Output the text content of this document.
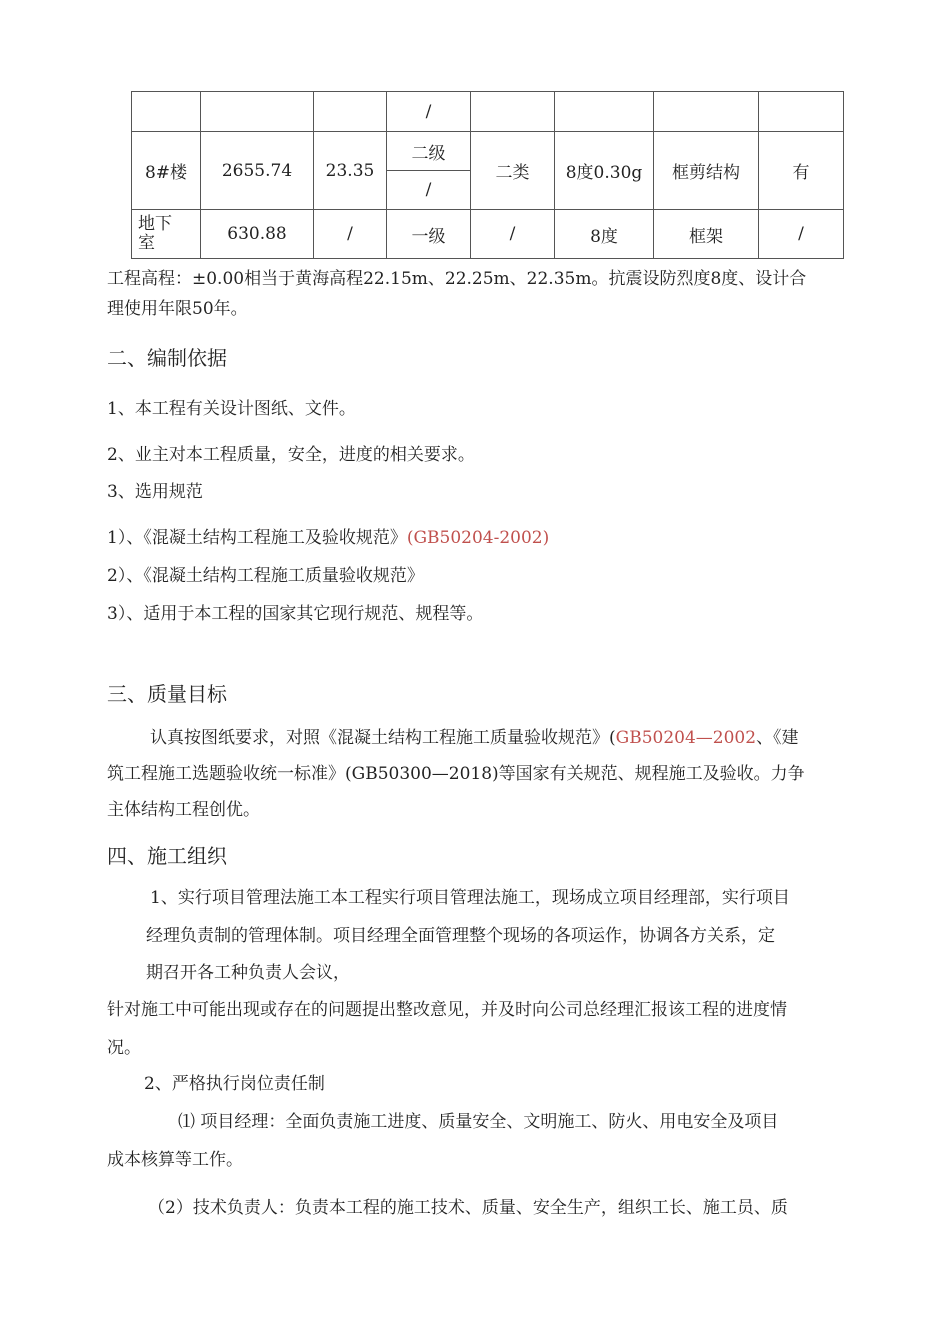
			/				
8#楼	2655.74	23.35	二级	二类	8度0.30g	框剪结构	有
			/				

地下室	630.88	/	一级	/	8度	框架	/
工程高程：±0.00相当于黄海高程22.15m、22.25m、22.35m。抗震设防烈度8度、设计合
理使用年限50年。
二、编制依据
1、本工程有关设计图纸、文件。
2、业主对本工程质量，安全，进度的相关要求。
3、选用规范
1）、《混凝土结构工程施工及验收规范》(GB50204-2002)
2）、《混凝土结构工程施工质量验收规范》
3）、适用于本工程的国家其它现行规范、规程等。
三、质量目标
认真按图纸要求，对照《混凝土结构工程施工质量验收规范》(GB50204—2002、《建
筑工程施工选题验收统一标准》(GB50300—2018)等国家有关规范、规程施工及验收。力争
主体结构工程创优。
四、施工组织
1、实行项目管理法施工本工程实行项目管理法施工，现场成立项目经理部，实行项目
经理负责制的管理体制。项目经理全面管理整个现场的各项运作，协调各方关系，定
期召开各工种负责人会议，
针对施工中可能出现或存在的问题提出整改意见，并及时向公司总经理汇报该工程的进度情
况。
2、严格执行岗位责任制
⑴ 项目经理：全面负责施工进度、质量安全、文明施工、防火、用电安全及项目
成本核算等工作。
（2）技术负责人：负责本工程的施工技术、质量、安全生产，组织工长、施工员、质
